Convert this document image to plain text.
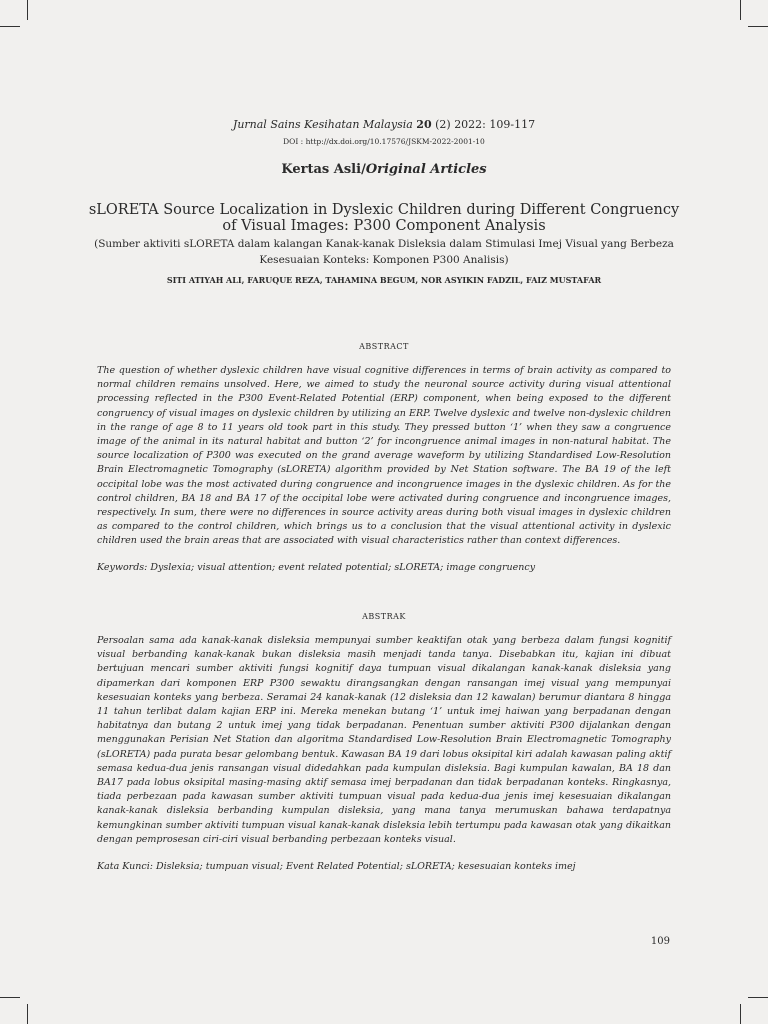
Jurnal Sains Kesihatan Malaysia 20 (2) 2022: 109-117
DOI : http://dx.doi.org/10.17576/JSKM-2022-2001-10
Kertas Asli/Original Articles
sLORETA Source Localization in Dyslexic Children during Different Congruency of Visual Images: P300 Component Analysis
(Sumber aktiviti sLORETA dalam kalangan Kanak-kanak Disleksia dalam Stimulasi Imej Visual yang Berbeza Kesesuaian Konteks: Komponen P300 Analisis)
SITI ATIYAH ALI, FARUQUE REZA, TAHAMINA BEGUM, NOR ASYIKIN FADZIL, FAIZ MUSTAFAR
ABSTRACT

The question of whether dyslexic children have visual cognitive differences in terms of brain activity as compared to normal children remains unsolved. Here, we aimed to study the neuronal source activity during visual attentional processing reflected in the P300 Event-Related Potential (ERP) component, when being exposed to the different congruency of visual images on dyslexic children by utilizing an ERP. Twelve dyslexic and twelve non-dyslexic children in the range of age 8 to 11 years old took part in this study. They pressed button ‘1’ when they saw a congruence image of the animal in its natural habitat and button ‘2’ for incongruence animal images in non-natural habitat. The source localization of P300 was executed on the grand average waveform by utilizing Standardised Low-Resolution Brain Electromagnetic Tomography (sLORETA) algorithm provided by Net Station software. The BA 19 of the left occipital lobe was the most activated during congruence and incongruence images in the dyslexic children. As for the control children, BA 18 and BA 17 of the occipital lobe were activated during congruence and incongruence images, respectively. In sum, there were no differences in source activity areas during both visual images in dyslexic children as compared to the control children, which brings us to a conclusion that the visual attentional activity in dyslexic children used the brain areas that are associated with visual characteristics rather than context differences.

Keywords: Dyslexia; visual attention; event related potential; sLORETA; image congruency
ABSTRAK

Persoalan sama ada kanak-kanak disleksia mempunyai sumber keaktifan otak yang berbeza dalam fungsi kognitif visual berbanding kanak-kanak bukan disleksia masih menjadi tanda tanya. Disebabkan itu, kajian ini dibuat bertujuan mencari sumber aktiviti fungsi kognitif daya tumpuan visual dikalangan kanak-kanak disleksia yang dipamerkan dari komponen ERP P300 sewaktu dirangsangkan dengan ransangan imej visual yang mempunyai kesesuaian konteks yang berbeza. Seramai 24 kanak-kanak (12 disleksia dan 12 kawalan) berumur diantara 8 hingga 11 tahun terlibat dalam kajian ERP ini. Mereka menekan butang ‘1’ untuk imej haiwan yang berpadanan dengan habitatnya dan butang 2 untuk imej yang tidak berpadanan. Penentuan sumber aktiviti P300 dijalankan dengan menggunakan Perisian Net Station dan algoritma Standardised Low-Resolution Brain Electromagnetic Tomography (sLORETA) pada purata besar gelombang bentuk. Kawasan BA 19 dari lobus oksipital kiri adalah kawasan paling aktif semasa kedua-dua jenis ransangan visual didedahkan pada kumpulan disleksia. Bagi kumpulan kawalan, BA 18 dan BA17 pada lobus oksipital masing-masing aktif semasa imej berpadanan dan tidak berpadanan konteks. Ringkasnya, tiada perbezaan pada kawasan sumber aktiviti tumpuan visual pada kedua-dua jenis imej kesesuaian dikalangan kanak-kanak disleksia berbanding kumpulan disleksia, yang mana tanya merumuskan bahawa terdapatnya kemungkinan sumber aktiviti tumpuan visual kanak-kanak disleksia lebih tertumpu pada kawasan otak yang dikaitkan dengan pemprosesan ciri-ciri visual berbanding perbezaan konteks visual.

Kata Kunci: Disleksia; tumpuan visual; Event Related Potential; sLORETA; kesesuaian konteks imej
109
